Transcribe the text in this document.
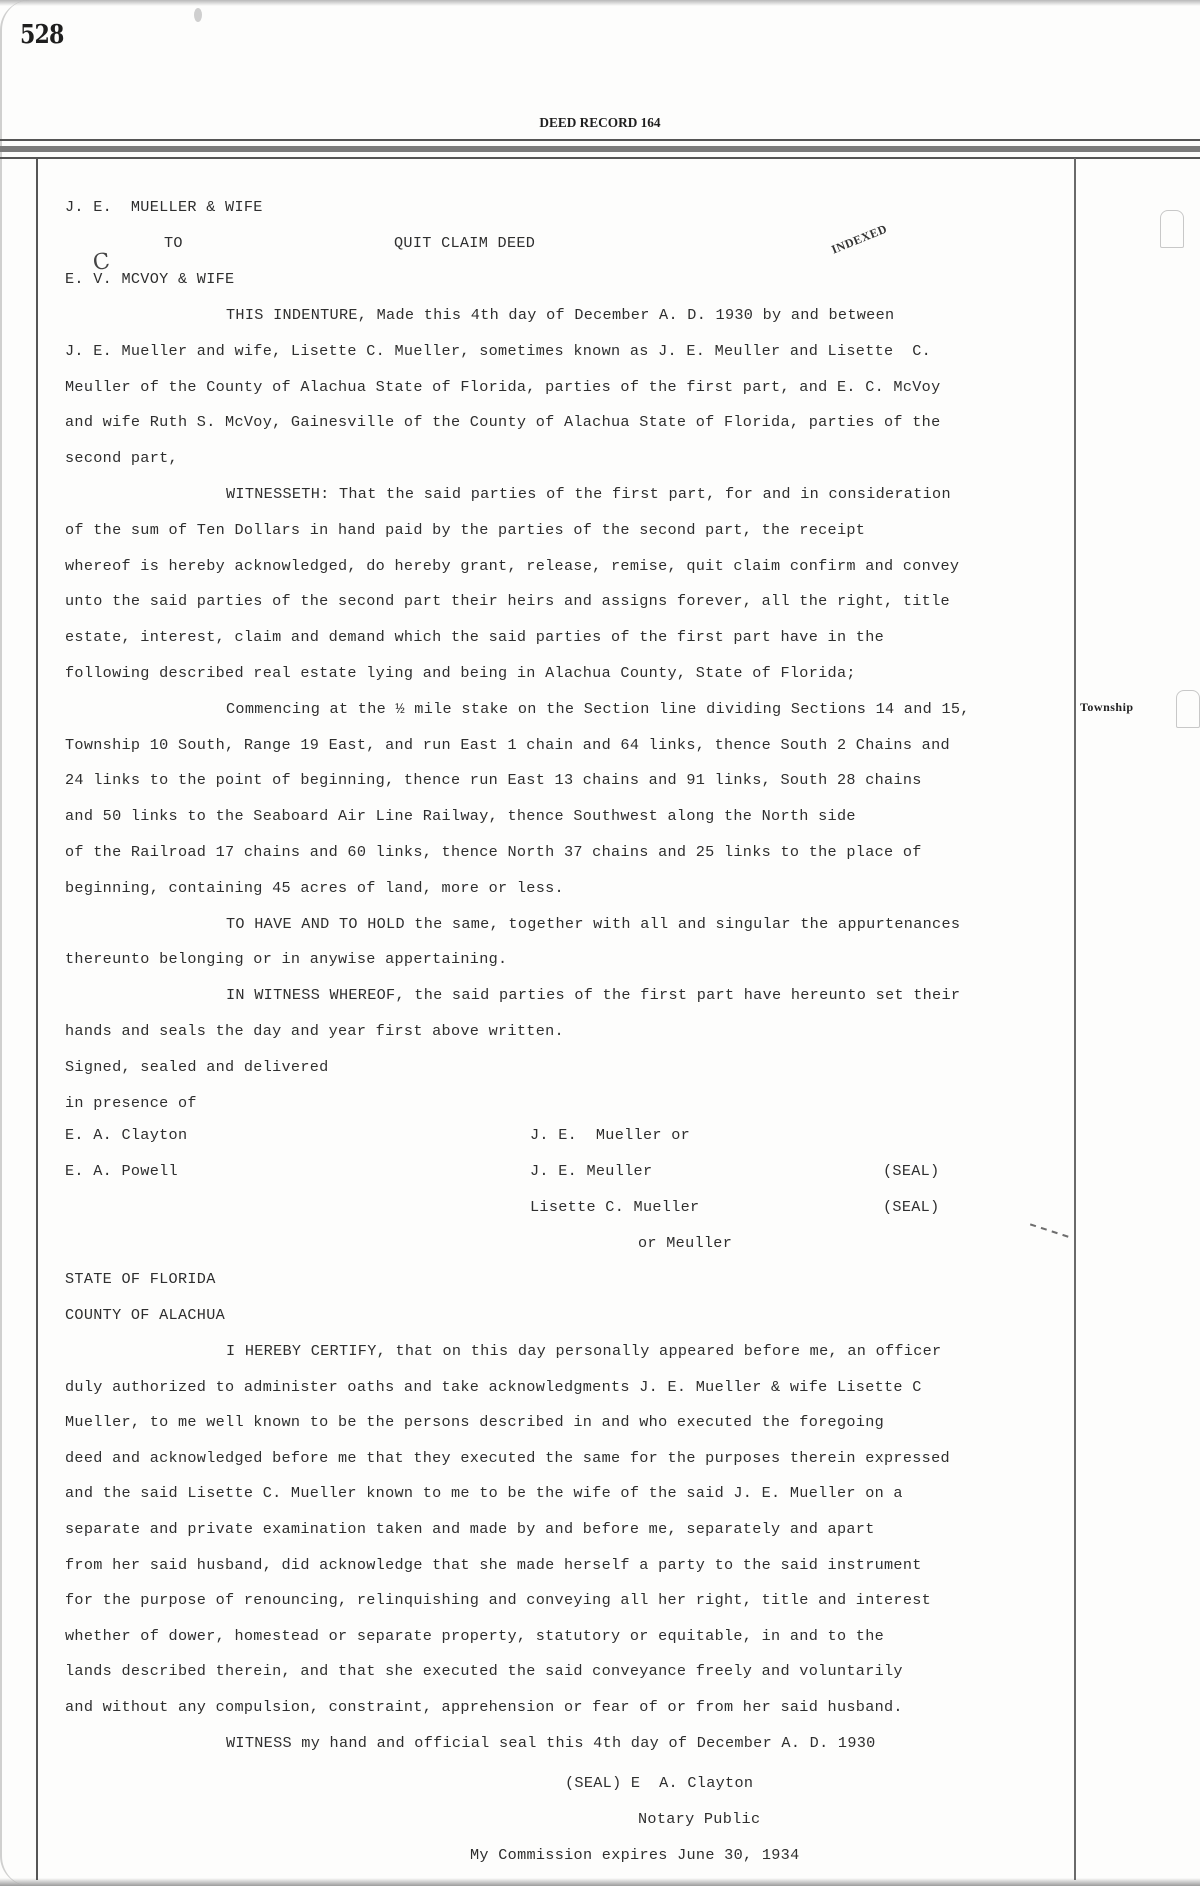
528
DEED RECORD 164
J. E.  MUELLER & WIFE
TO	QUIT CLAIM DEED	INDEXED
E. V. MCVOY & WIFE
C
THIS INDENTURE, Made this 4th day of December A. D. 1930 by and between
J. E. Mueller and wife, Lisette C. Mueller, sometimes known as J. E. Meuller and Lisette  C.
Meuller of the County of Alachua State of Florida, parties of the first part, and E. C. McVoy
and wife Ruth S. McVoy, Gainesville of the County of Alachua State of Florida, parties of the
second part,
WITNESSETH: That the said parties of the first part, for and in consideration
of the sum of Ten Dollars in hand paid by the parties of the second part, the receipt
whereof is hereby acknowledged, do hereby grant, release, remise, quit claim confirm and convey
unto the said parties of the second part their heirs and assigns forever, all the right, title
estate, interest, claim and demand which the said parties of the first part have in the
following described real estate lying and being in Alachua County, State of Florida;
Commencing at the ½ mile stake on the Section line dividing Sections 14 and 15,
Township 10 South, Range 19 East, and run East 1 chain and 64 links, thence South 2 Chains and
24 links to the point of beginning, thence run East 13 chains and 91 links, South 28 chains
and 50 links to the Seaboard Air Line Railway, thence Southwest along the North side
of the Railroad 17 chains and 60 links, thence North 37 chains and 25 links to the place of
beginning, containing 45 acres of land, more or less.
TO HAVE AND TO HOLD the same, together with all and singular the appurtenances
thereunto belonging or in anywise appertaining.
IN WITNESS WHEREOF, the said parties of the first part have hereunto set their
hands and seals the day and year first above written.
Signed, sealed and delivered
in presence of
Township
E. A. Clayton
E. A. Powell
J. E.  Mueller or
J. E. Meuller	(SEAL)
Lisette C. Mueller	(SEAL)
or Meuller
STATE OF FLORIDA
COUNTY OF ALACHUA
I HEREBY CERTIFY, that on this day personally appeared before me, an officer
duly authorized to administer oaths and take acknowledgments J. E. Mueller & wife Lisette C
Mueller, to me well known to be the persons described in and who executed the foregoing
deed and acknowledged before me that they executed the same for the purposes therein expressed
and the said Lisette C. Mueller known to me to be the wife of the said J. E. Mueller on a
separate and private examination taken and made by and before me, separately and apart
from her said husband, did acknowledge that she made herself a party to the said instrument
for the purpose of renouncing, relinquishing and conveying all her right, title and interest
whether of dower, homestead or separate property, statutory or equitable, in and to the
lands described therein, and that she executed the said conveyance freely and voluntarily
and without any compulsion, constraint, apprehension or fear of or from her said husband.
WITNESS my hand and official seal this 4th day of December A. D. 1930
(SEAL) E  A. Clayton
Notary Public
My Commission expires June 30, 1934
